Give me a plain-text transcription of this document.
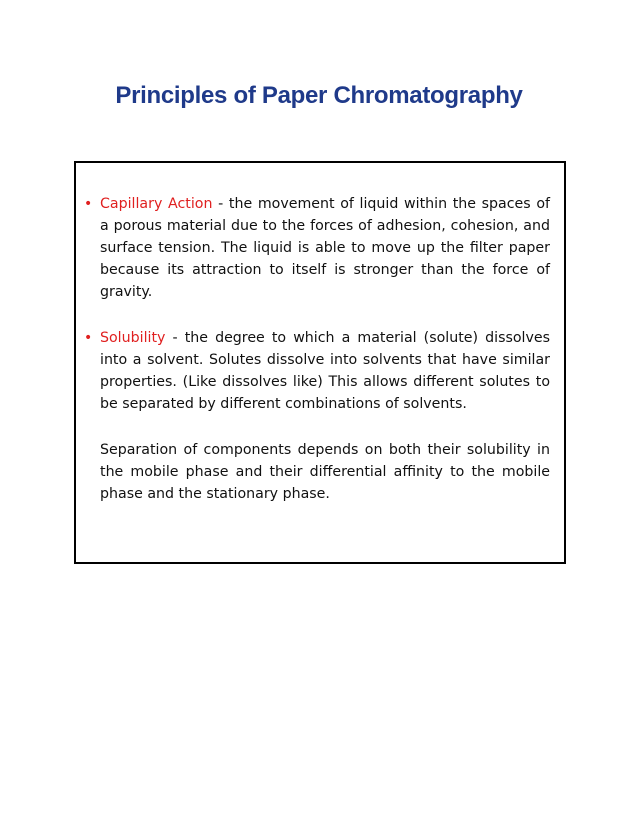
Principles of Paper Chromatography
• Capillary Action - the movement of liquid within the spaces of a porous material due to the forces of adhesion, cohesion, and surface tension. The liquid is able to move up the filter paper because its attraction to itself is stronger than the force of gravity.
• Solubility - the degree to which a material (solute) dissolves into a solvent. Solutes dissolve into solvents that have similar properties. (Like dissolves like) This allows different solutes to be separated by different combinations of solvents.
Separation of components depends on both their solubility in the mobile phase and their differential affinity to the mobile phase and the stationary phase.
